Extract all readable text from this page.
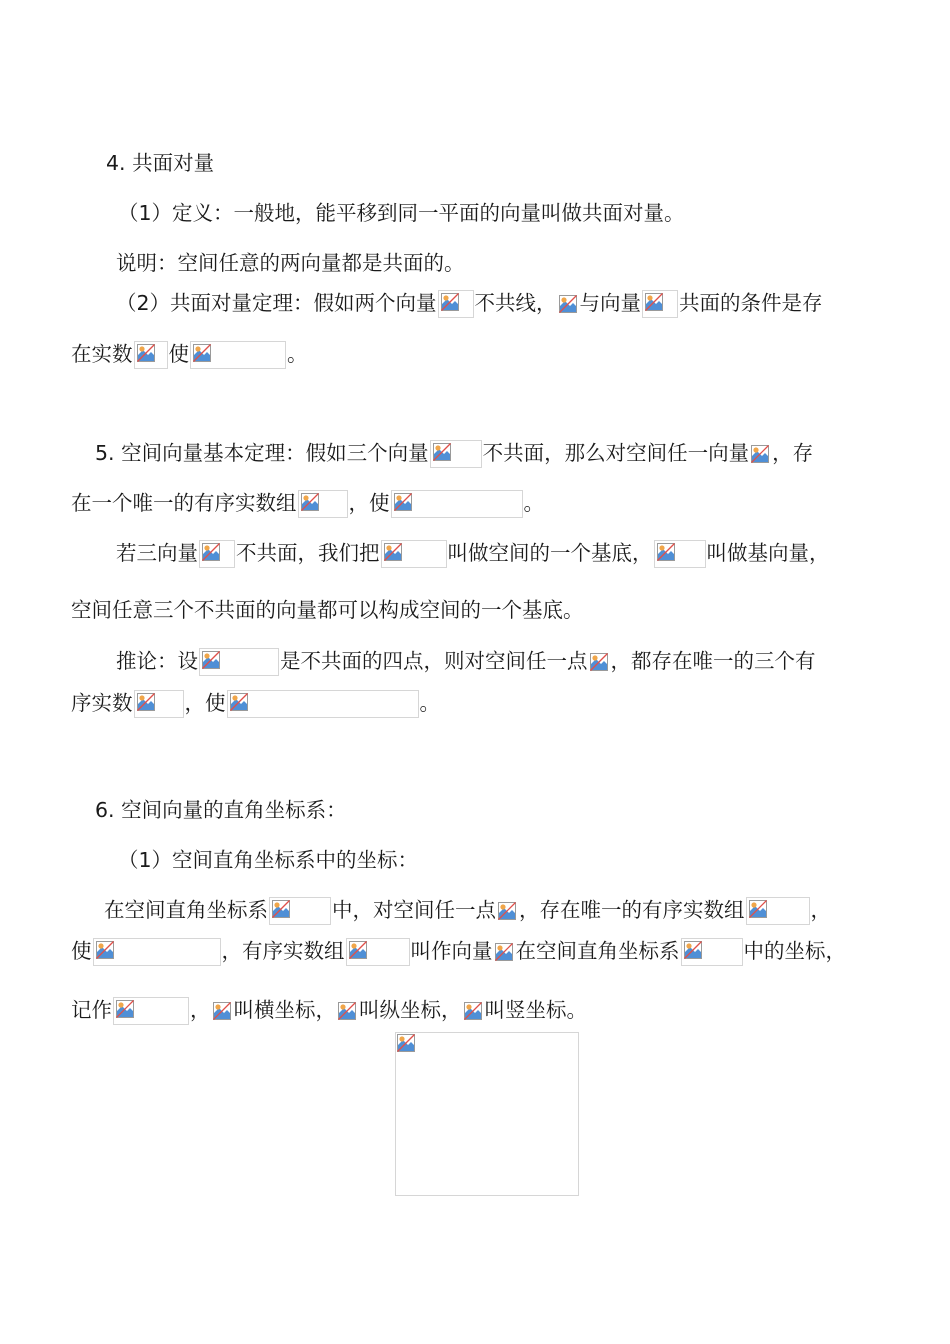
4. 共面对量
（1）定义：一般地，能平移到同一平面的向量叫做共面对量。
说明：空间任意的两向量都是共面的。
（2）共面对量定理：假如两个向量 不共线， 与向量 共面的条件是存
在实数 使	。
5. 空间向量基本定理：假如三个向量	不共面，那么对空间任一向量 ，存
在一个唯一的有序实数组	，使	。
若三向量 不共面，我们把	叫做空间的一个基底，	叫做基向量，
空间任意三个不共面的向量都可以构成空间的一个基底。
推论：设	是不共面的四点，则对空间任一点 ，都存在唯一的三个有
序实数	，使	。
6. 空间向量的直角坐标系：
（1）空间直角坐标系中的坐标：
在空间直角坐标系	中，对空间任一点 ，存在唯一的有序实数组	，
使	，有序实数组	叫作向量 在空间直角坐标系	中的坐标，
记作	， 叫横坐标， 叫纵坐标， 叫竖坐标。
